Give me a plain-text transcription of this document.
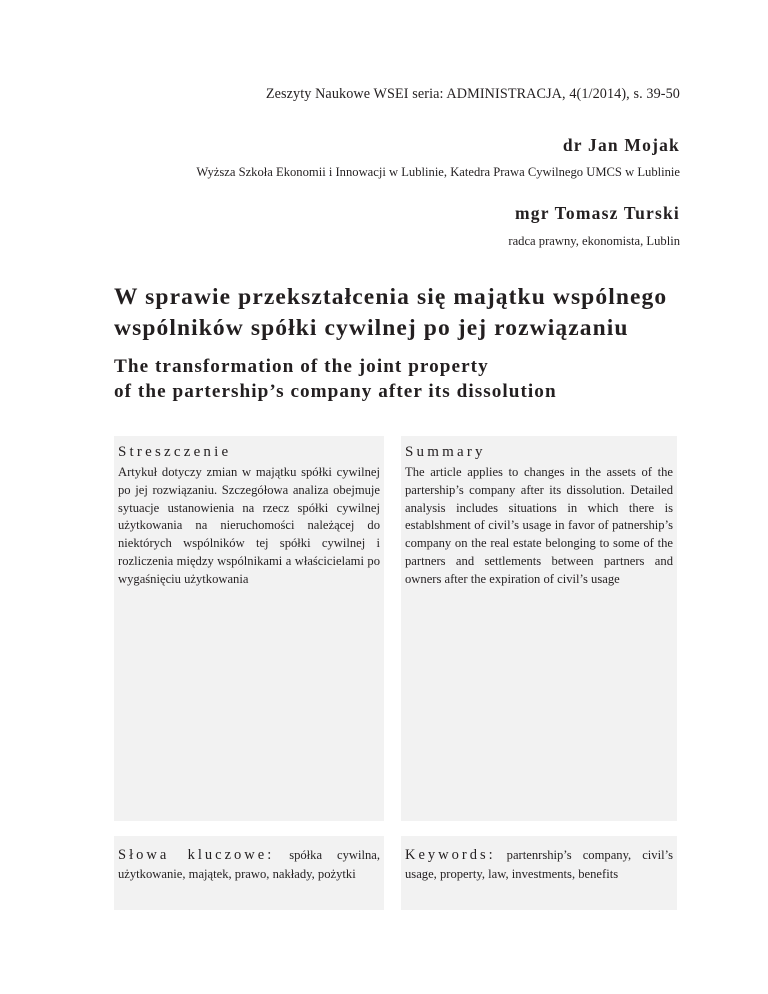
Zeszyty Naukowe WSEI seria: ADMINISTRACJA, 4(1/2014), s. 39-50
dr Jan Mojak
Wyższa Szkoła Ekonomii i Innowacji w Lublinie, Katedra Prawa Cywilnego UMCS w Lublinie
mgr Tomasz Turski
radca prawny, ekonomista, Lublin
W sprawie przekształcenia się majątku wspólnego
wspólników spółki cywilnej po jej rozwiązaniu
The transformation of the joint property
of the partership’s company after its dissolution
Streszczenie
Artykuł dotyczy zmian w majątku spółki cywilnej po jej rozwiązaniu. Szczegółowa analiza obejmuje sytuacje ustanowienia na rzecz spółki cywilnej użytkowania na nieruchomości należącej do niektórych wspólników tej spółki cywilnej i rozliczenia między wspólnikami a właścicielami po wygaśnięciu użytkowania
Summary
The article applies to changes in the assets of the partership’s company after its dissolution. Detailed analysis includes situations in which there is establshment of civil’s usage in favor of patnership’s company on the real estate belonging to some of the partners and settlements between partners and owners after the expiration of civil’s usage
Słowa kluczowe: spółka cywilna, użytkowanie, majątek, prawo, nakłady, pożytki
Keywords: partenrship’s company, civil’s usage, property, law, investments, benefits
